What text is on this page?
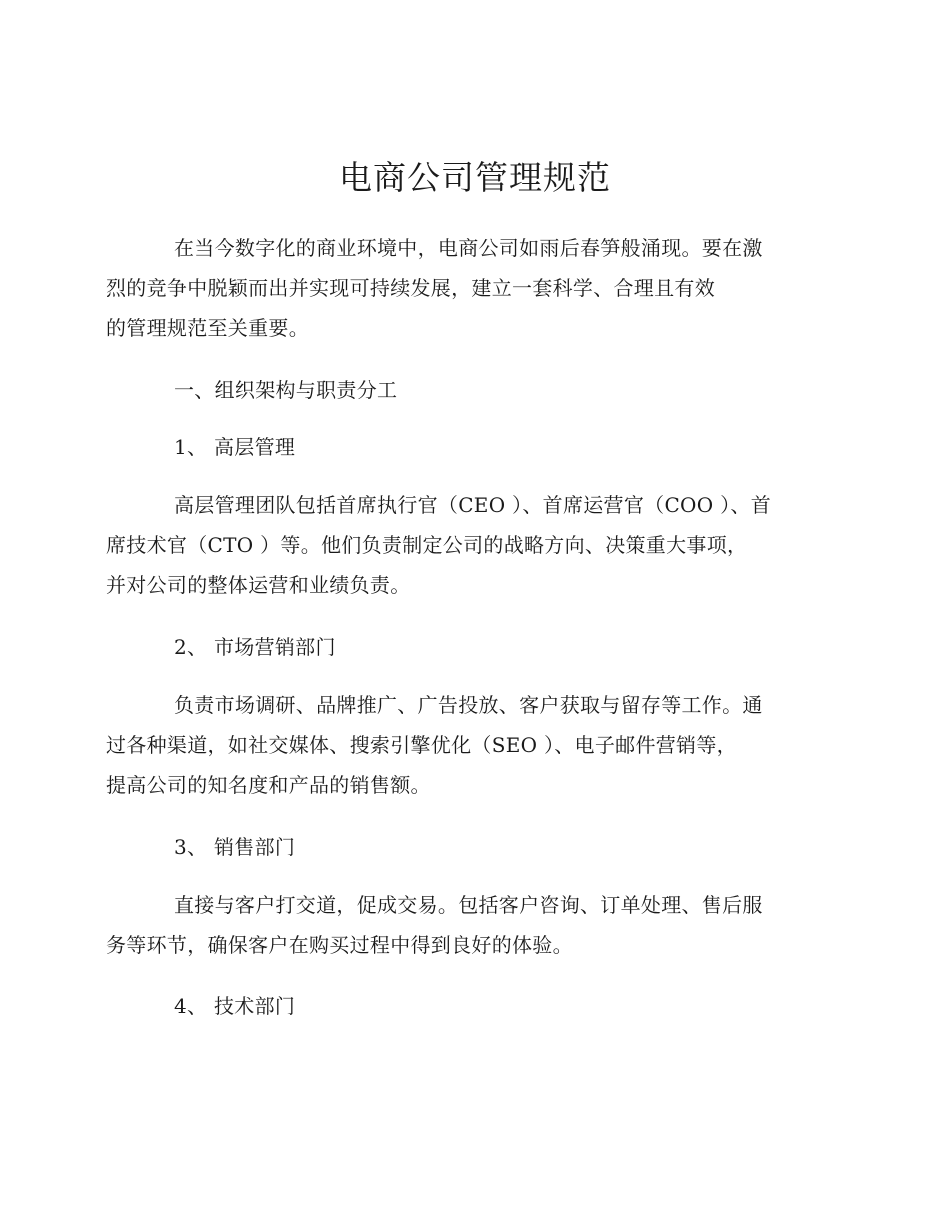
电商公司管理规范

在当今数字化的商业环境中，电商公司如雨后春笋般涌现。要在激
烈的竞争中脱颖而出并实现可持续发展，建立一套科学、合理且有效
的管理规范至关重要。

一、组织架构与职责分工
1、 高层管理

高层管理团队包括首席执行官（CEO ）、首席运营官（COO ）、首
席技术官（CTO ）等。他们负责制定公司的战略方向、决策重大事项，
并对公司的整体运营和业绩负责。

2、 市场营销部门

负责市场调研、品牌推广、广告投放、客户获取与留存等工作。通
过各种渠道，如社交媒体、搜索引擎优化（SEO ）、电子邮件营销等，
提高公司的知名度和产品的销售额。

3、 销售部门

直接与客户打交道，促成交易。包括客户咨询、订单处理、售后服
务等环节，确保客户在购买过程中得到良好的体验。

4、 技术部门
